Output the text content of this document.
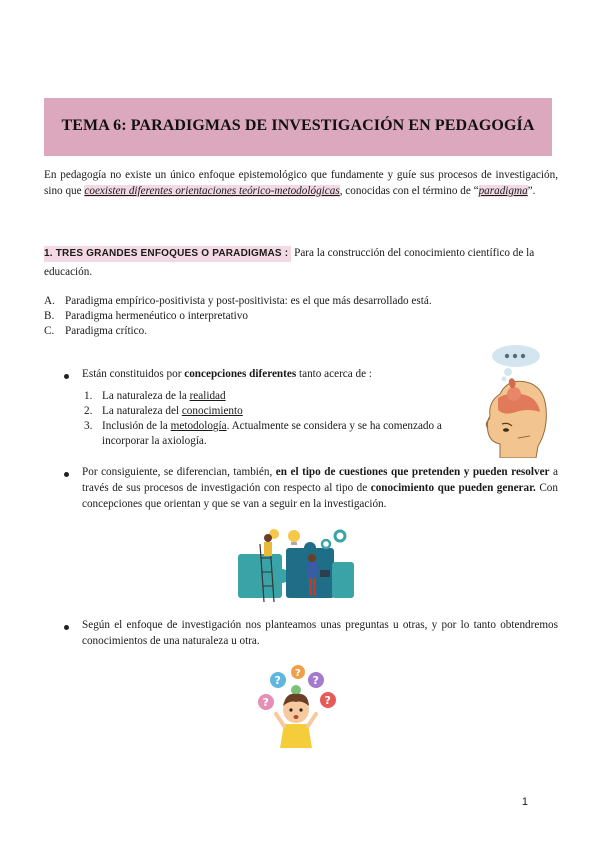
TEMA 6: PARADIGMAS DE INVESTIGACIÓN EN PEDAGOGÍA
En pedagogía no existe un único enfoque epistemológico que fundamente y guíe sus procesos de investigación, sino que coexisten diferentes orientaciones teórico-metodológicas, conocidas con el término de “paradigma”.
1. TRES GRANDES ENFOQUES O PARADIGMAS : Para la construcción del conocimiento científico de la educación.
A. Paradigma empírico-positivista y post-positivista: es el que más desarrollado está.
B. Paradigma hermenéutico o interpretativo
C. Paradigma crítico.
Están constituidos por concepciones diferentes tanto acerca de :
1. La naturaleza de la realidad
2. La naturaleza del conocimiento
3. Inclusión de la metodología. Actualmente se considera y se ha comenzado a incorporar la axiología.
Por consiguiente, se diferencian, también, en el tipo de cuestiones que pretenden y pueden resolver a través de sus procesos de investigación con respecto al tipo de conocimiento que pueden generar. Con concepciones que orientan y que se van a seguir en la investigación.
Según el enfoque de investigación nos planteamos unas preguntas u otras, y por lo tanto obtendremos conocimientos de una naturaleza u otra.
?
?
?
?
?
1
